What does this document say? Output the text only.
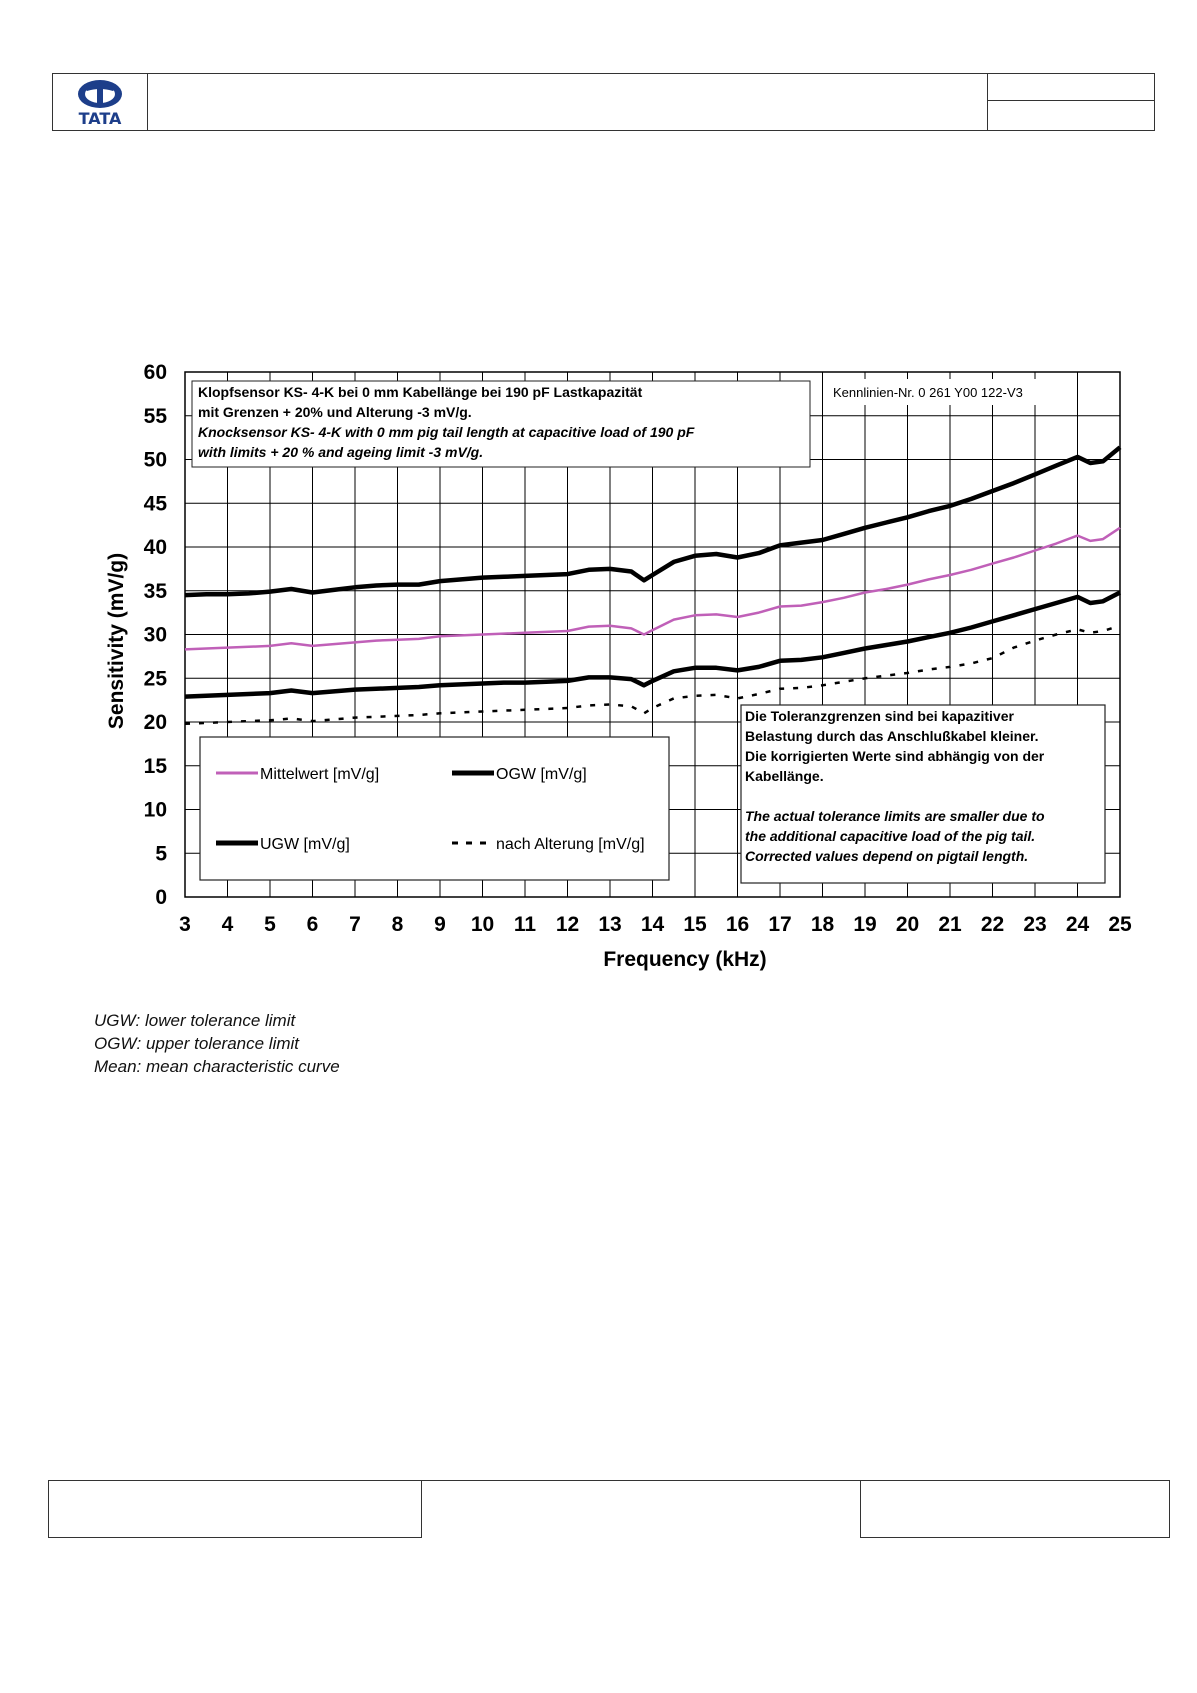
TATA
3 4 5 6 7 8 9 10 11 12 13 14 15 16 17 18 19 20 21 22 23 24 25
0
5
10
15
20
25
30
35
40
45
50
55
60
Klopfsensor KS- 4-K bei 0 mm Kabellänge bei 190 pF Lastkapazität
mit Grenzen + 20% und Alterung -3 mV/g.
Knocksensor KS- 4-K with 0 mm pig tail length at capacitive load of 190 pF
with limits + 20 % and ageing limit -3 mV/g.
Kennlinien-Nr. 0 261 Y00 122-V3
Mittelwert [mV/g]	OGW [mV/g]
UGW [mV/g]	nach Alterung [mV/g]
Die Toleranzgrenzen sind bei kapazitiver
Belastung durch das Anschlußkabel kleiner.
Die korrigierten Werte sind abhängig von der
Kabellänge.
The actual tolerance limits are smaller due to
the additional capacitive load of the pig tail.
Corrected values depend on pigtail length.
Frequency (kHz)
Sensitivity (mV/g)
UGW: lower tolerance limit
OGW: upper tolerance limit
Mean: mean characteristic curve
